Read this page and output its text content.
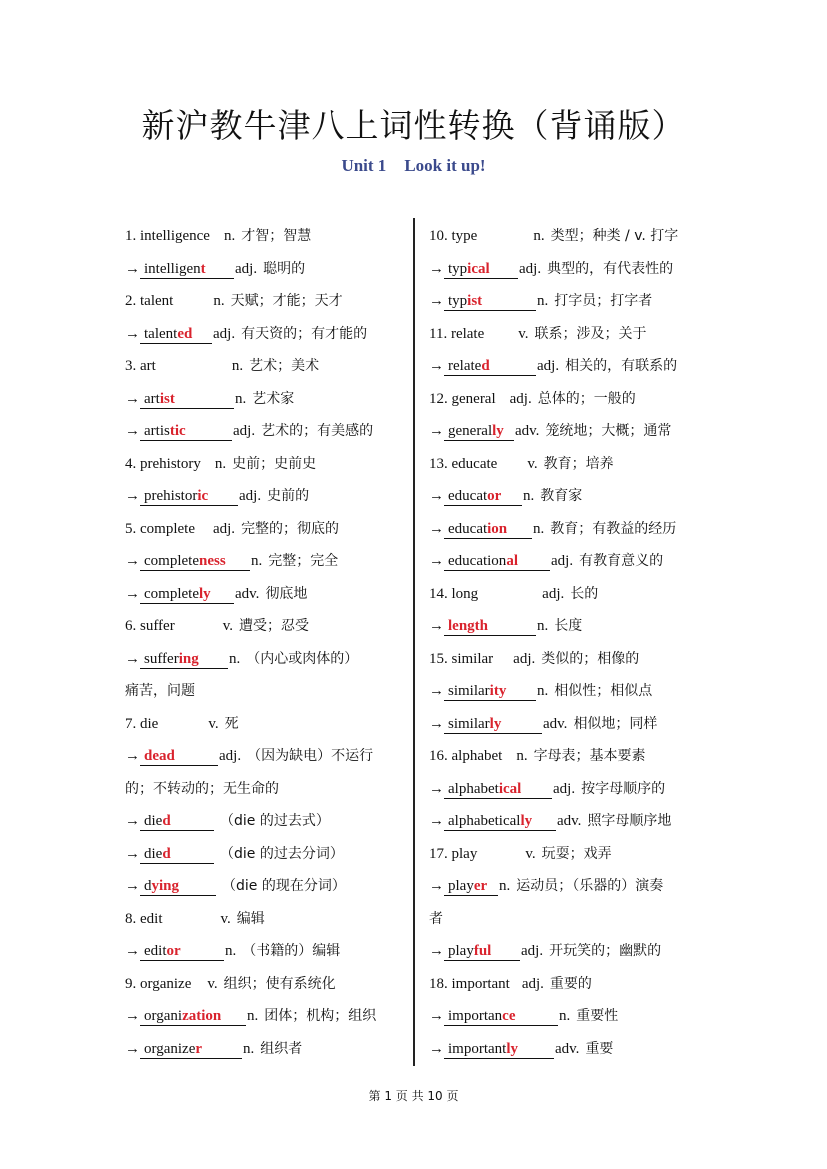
新沪教牛津八上词性转换（背诵版）
Unit 1 Look it up!
1. intelligence n. 才智；智慧
→ intelligent adj. 聪明的
2. talent	n. 天赋；才能；天才
→ talented adj. 有天资的；有才能的
3. art	n. 艺术；美术
→ artist	n. 艺术家
→ artistic	adj. 艺术的；有美感的
4. prehistory n. 史前；史前史
→ prehistoric adj. 史前的
5. complete adj. 完整的；彻底的
→ completeness n. 完整；完全
→ completely adv. 彻底地
6. suffer	v. 遭受；忍受
→ suffering n. （内心或肉体的）
痛苦，问题
7. die	v. 死
→ dead	adj. （因为缺电）不运行
的；不转动的；无生命的
→ died	（die 的过去式）
→ died	（die 的过去分词）
→ dying	（die 的现在分词）
8. edit	v. 编辑
→ editor	n. （书籍的）编辑
9. organize v. 组织；使有系统化
→ organization n. 团体；机构；组织
→ organizer	n. 组织者
10. type	n. 类型；种类 / v. 打字
→ typical adj. 典型的，有代表性的
→ typist	n. 打字员；打字者
11. relate v. 联系；涉及；关于
→ related	adj. 相关的，有联系的
12. general adj. 总体的；一般的
→ generally adv. 笼统地；大概；通常
13. educate v. 教育；培养
→ educator n. 教育家
→ education n. 教育；有教益的经历
→ educational adj. 有教育意义的
14. long	adj. 长的
→ length	n. 长度
15. similar adj. 类似的；相像的
→ similarity n. 相似性；相似点
→ similarly	adv. 相似地；同样
16. alphabet n. 字母表；基本要素
→ alphabetical adj. 按字母顺序的
→ alphabetically adv. 照字母顺序地
17. play	v. 玩耍；戏弄
→ player n. 运动员；（乐器的）演奏
者
→ playful adj. 开玩笑的；幽默的
18. important adj. 重要的
→ importance	n. 重要性
→ importantly adv. 重要
第 1 页 共 10 页
